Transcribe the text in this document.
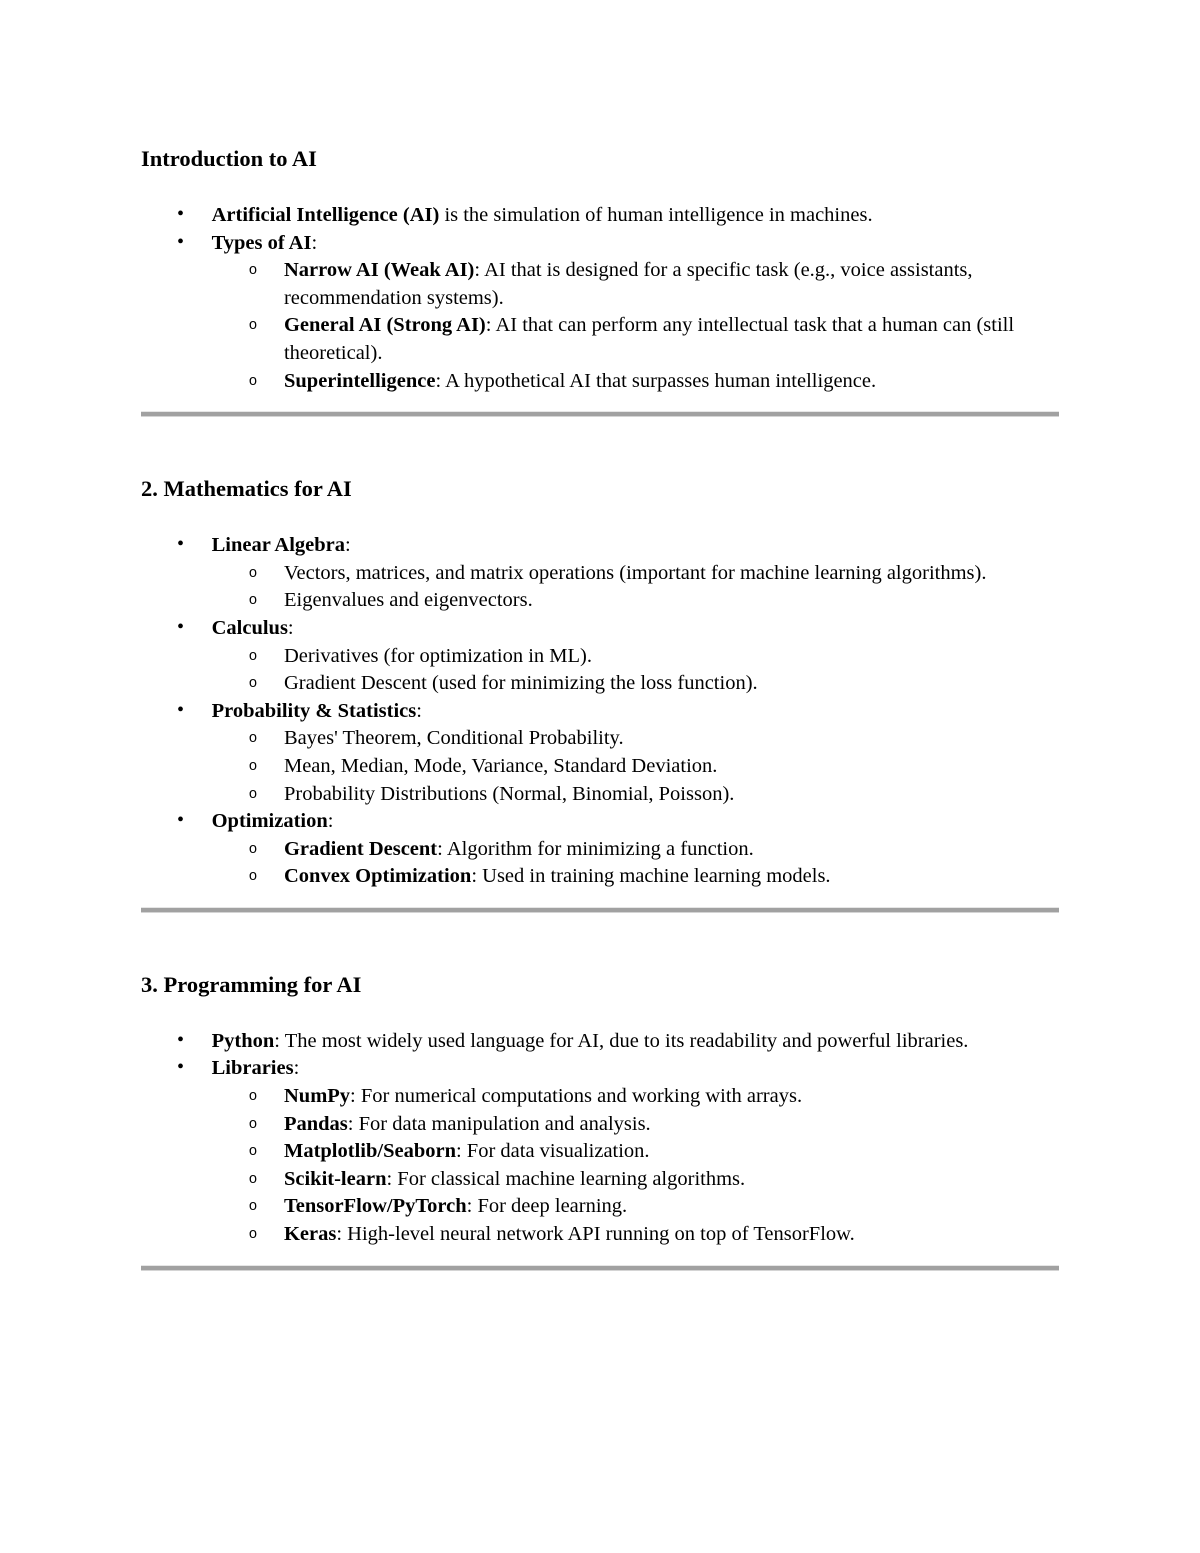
Introduction to AI
• Artificial Intelligence (AI) is the simulation of human intelligence in machines.
• Types of AI:
o Narrow AI (Weak AI): AI that is designed for a specific task (e.g., voice assistants, recommendation systems).
o General AI (Strong AI): AI that can perform any intellectual task that a human can (still theoretical).
o Superintelligence: A hypothetical AI that surpasses human intelligence.
2. Mathematics for AI
• Linear Algebra:
o Vectors, matrices, and matrix operations (important for machine learning algorithms).
o Eigenvalues and eigenvectors.
• Calculus:
o Derivatives (for optimization in ML).
o Gradient Descent (used for minimizing the loss function).
• Probability & Statistics:
o Bayes' Theorem, Conditional Probability.
o Mean, Median, Mode, Variance, Standard Deviation.
o Probability Distributions (Normal, Binomial, Poisson).
• Optimization:
o Gradient Descent: Algorithm for minimizing a function.
o Convex Optimization: Used in training machine learning models.
3. Programming for AI
• Python: The most widely used language for AI, due to its readability and powerful libraries.
• Libraries:
o NumPy: For numerical computations and working with arrays.
o Pandas: For data manipulation and analysis.
o Matplotlib/Seaborn: For data visualization.
o Scikit-learn: For classical machine learning algorithms.
o TensorFlow/PyTorch: For deep learning.
o Keras: High-level neural network API running on top of TensorFlow.
